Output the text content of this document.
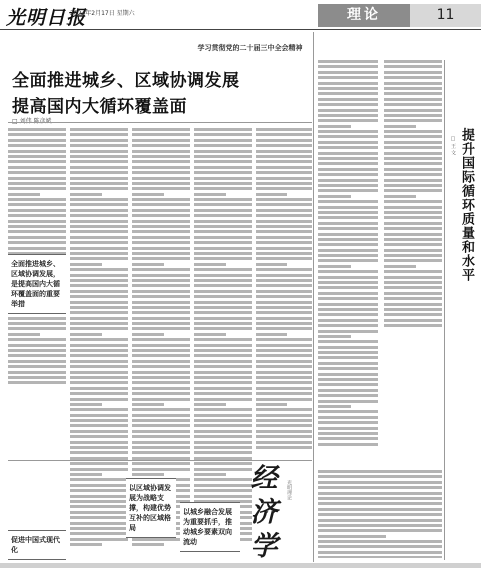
光明日报
2024年2月17日 星期六	理论	11
学习贯彻党的二十届三中全会精神
全面推进城乡、区域协调发展
提高国内大循环覆盖面
全面推进城乡、区域协调发展，是提高国内大循环覆盖面的重要举措
以城乡融合发展为重要抓手，推动城乡要素双向流动
以区域协调发展为战略支撑，构建优势互补的区域格局
促进中国式现代化
提升国际循环质量和水平
□ 王 文
经济学
光明理论
